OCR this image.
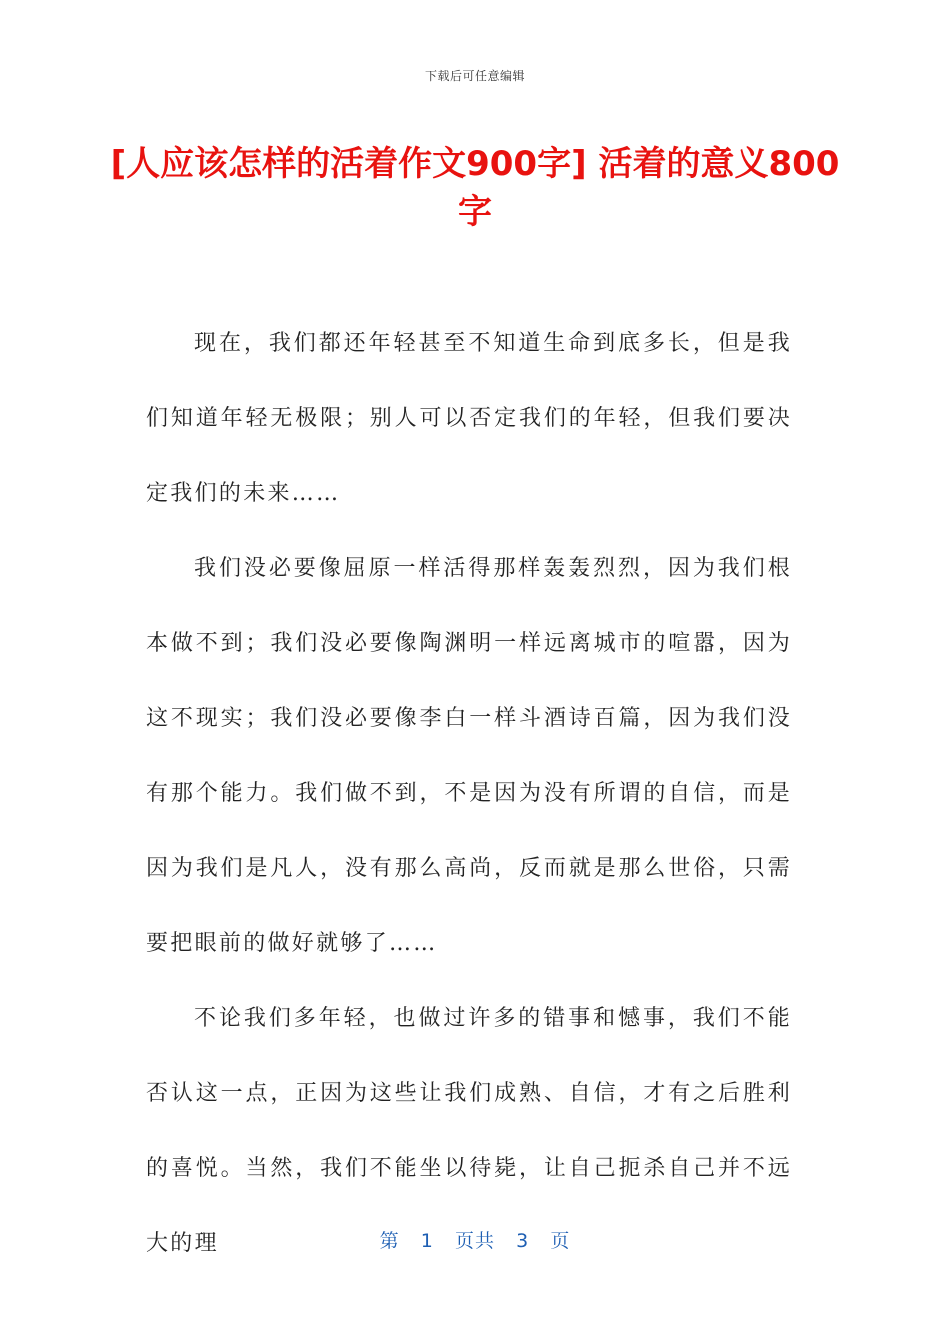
下载后可任意编辑
[人应该怎样的活着作文900字] 活着的意义800字

现在，我们都还年轻甚至不知道生命到底多长，但是我们知道年轻无极限；别人可以否定我们的年轻，但我们要决定我们的未来……

我们没必要像屈原一样活得那样轰轰烈烈，因为我们根本做不到；我们没必要像陶渊明一样远离城市的喧嚣，因为这不现实；我们没必要像李白一样斗酒诗百篇，因为我们没有那个能力。我们做不到，不是因为没有所谓的自信，而是因为我们是凡人，没有那么高尚，反而就是那么世俗，只需要把眼前的做好就够了……

不论我们多年轻，也做过许多的错事和憾事，我们不能否认这一点，正因为这些让我们成熟、自信，才有之后胜利的喜悦。当然，我们不能坐以待毙，让自己扼杀自己并不远大的理	第 1 页共 3 页
